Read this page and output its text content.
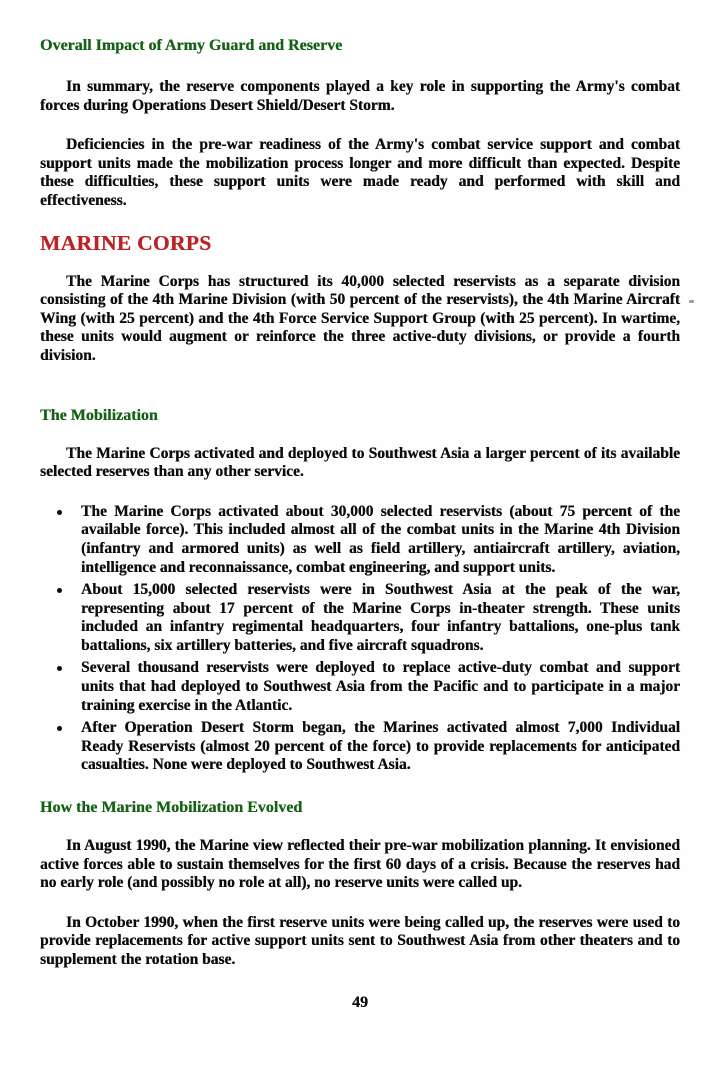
Overall Impact of Army Guard and Reserve

In summary, the reserve components played a key role in supporting the Army's combat forces during Operations Desert Shield/Desert Storm.

Deficiencies in the pre-war readiness of the Army's combat service support and combat support units made the mobilization process longer and more difficult than expected. Despite these difficulties, these support units were made ready and performed with skill and effectiveness.

MARINE CORPS

The Marine Corps has structured its 40,000 selected reservists as a separate division consisting of the 4th Marine Division (with 50 percent of the reservists), the 4th Marine Aircraft Wing (with 25 percent) and the 4th Force Service Support Group (with 25 percent). In wartime, these units would augment or reinforce the three active-duty divisions, or provide a fourth division.

The Mobilization

The Marine Corps activated and deployed to Southwest Asia a larger percent of its available selected reserves than any other service.

The Marine Corps activated about 30,000 selected reservists (about 75 percent of the available force). This included almost all of the combat units in the Marine 4th Division (infantry and armored units) as well as field artillery, antiaircraft artillery, aviation, intelligence and reconnaissance, combat engineering, and support units.
About 15,000 selected reservists were in Southwest Asia at the peak of the war, representing about 17 percent of the Marine Corps in-theater strength. These units included an infantry regimental headquarters, four infantry battalions, one-plus tank battalions, six artillery batteries, and five aircraft squadrons.
Several thousand reservists were deployed to replace active-duty combat and support units that had deployed to Southwest Asia from the Pacific and to participate in a major training exercise in the Atlantic.
After Operation Desert Storm began, the Marines activated almost 7,000 Individual Ready Reservists (almost 20 percent of the force) to provide replacements for anticipated casualties. None were deployed to Southwest Asia.
How the Marine Mobilization Evolved

In August 1990, the Marine view reflected their pre-war mobilization planning. It envisioned active forces able to sustain themselves for the first 60 days of a crisis. Because the reserves had no early role (and possibly no role at all), no reserve units were called up.

In October 1990, when the first reserve units were being called up, the reserves were used to provide replacements for active support units sent to Southwest Asia from other theaters and to supplement the rotation base.

49
